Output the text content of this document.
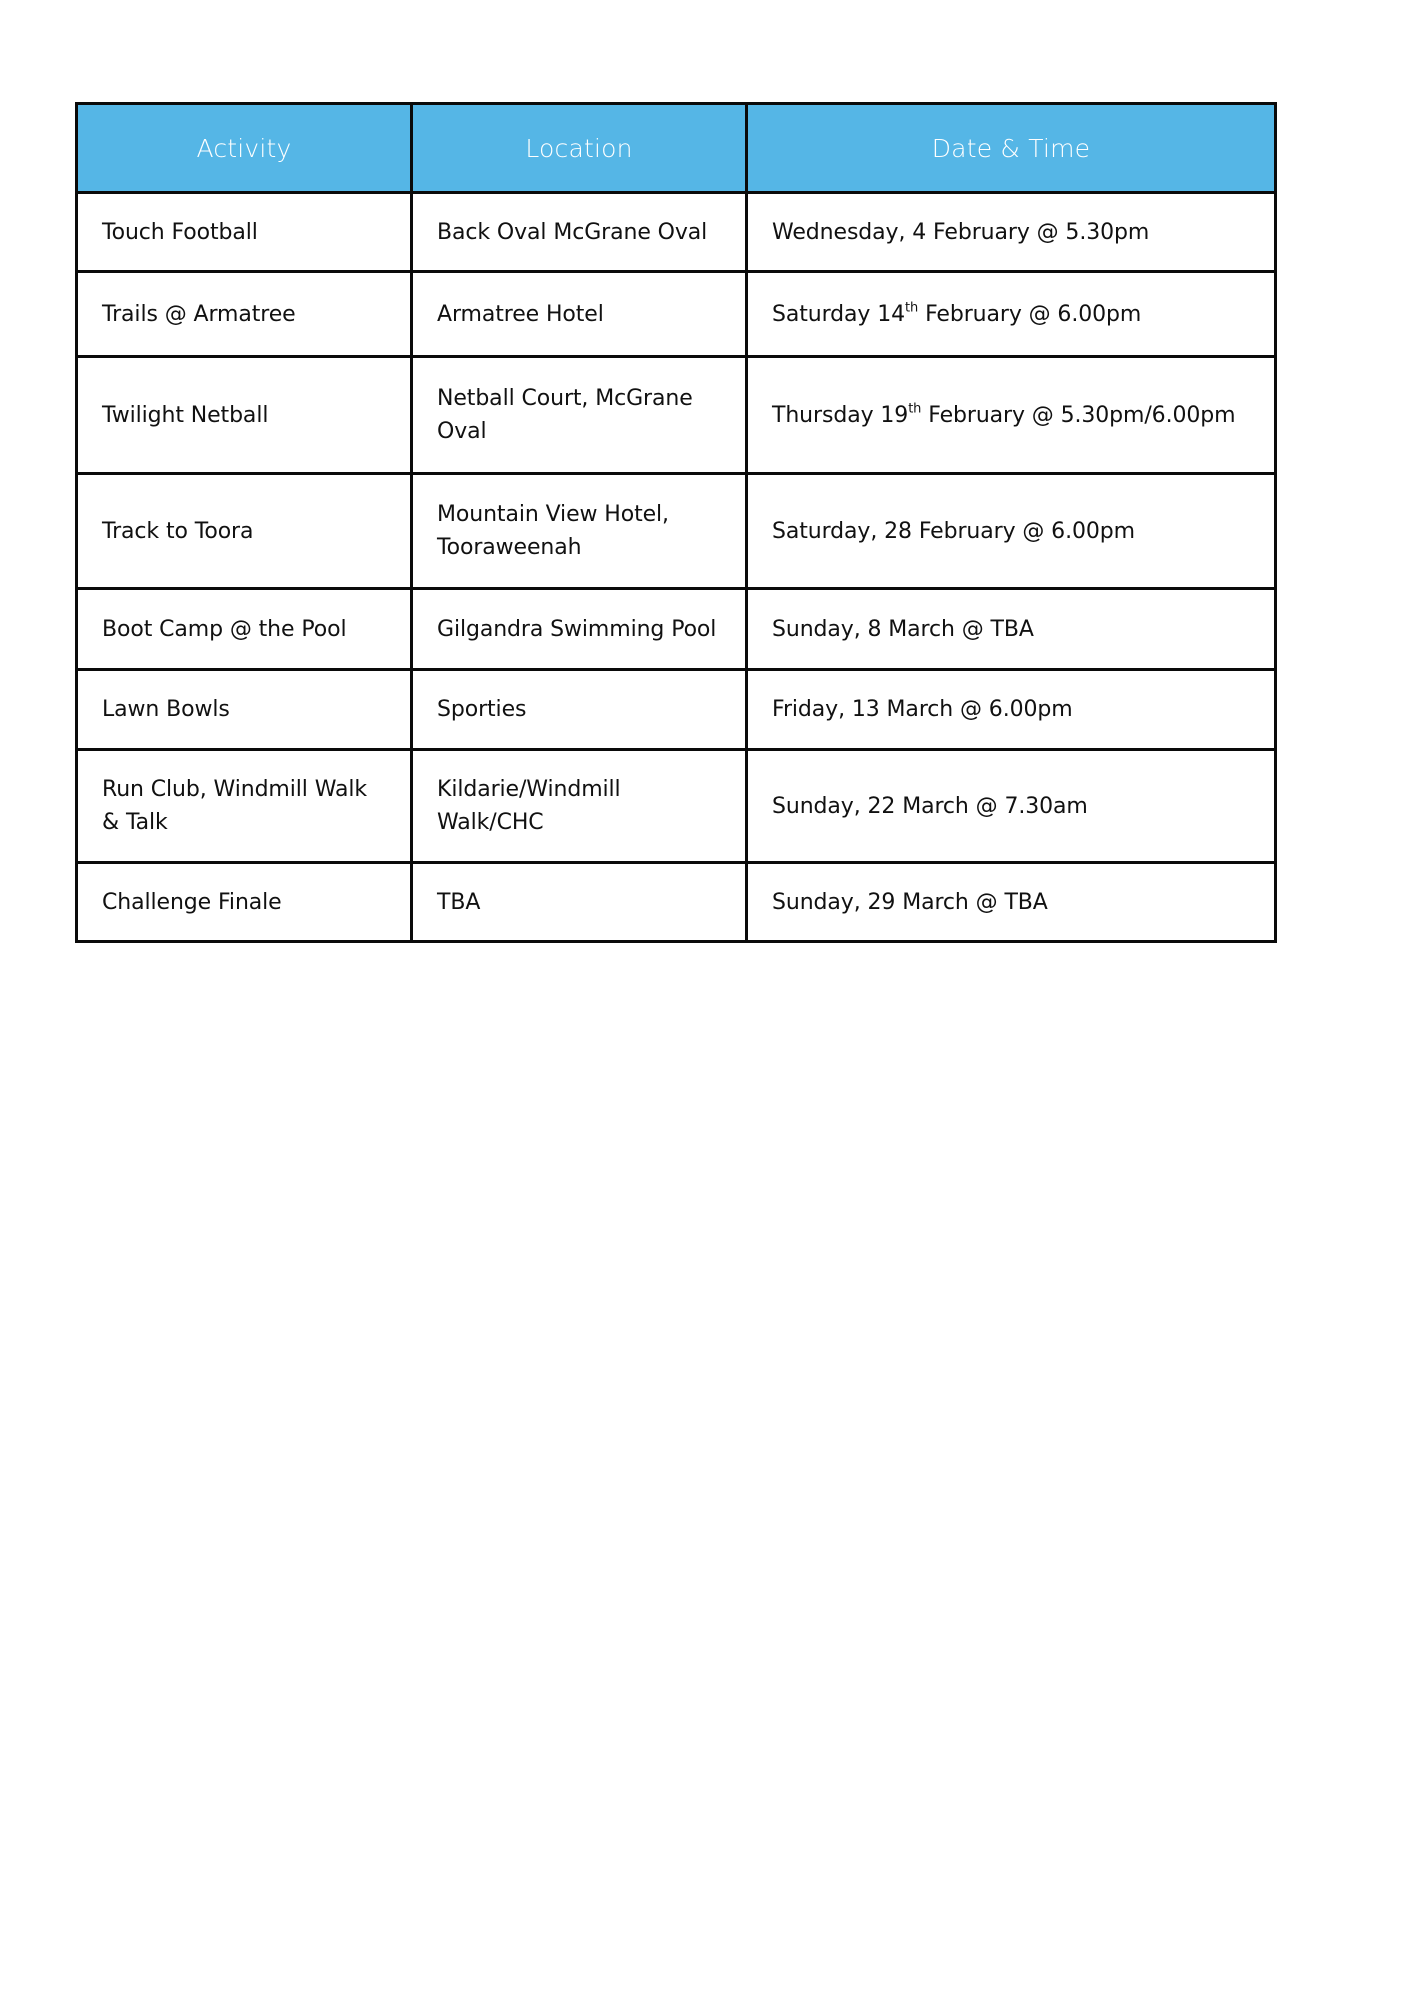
Activity	Location	Date & Time
Touch Football	Back Oval McGrane Oval	Wednesday, 4 February @ 5.30pm
Trails @ Armatree	Armatree Hotel	Saturday 14th February @ 6.00pm
Twilight Netball	Netball Court, McGrane Oval	Thursday 19th February @ 5.30pm/6.00pm
Track to Toora	Mountain View Hotel, Tooraweenah	Saturday, 28 February @ 6.00pm
Boot Camp @ the Pool	Gilgandra Swimming Pool	Sunday, 8 March @ TBA
Lawn Bowls	Sporties	Friday, 13 March @ 6.00pm
Run Club, Windmill Walk & Talk	Kildarie/Windmill Walk/CHC	Sunday, 22 March @ 7.30am
Challenge Finale	TBA	Sunday, 29 March @ TBA
